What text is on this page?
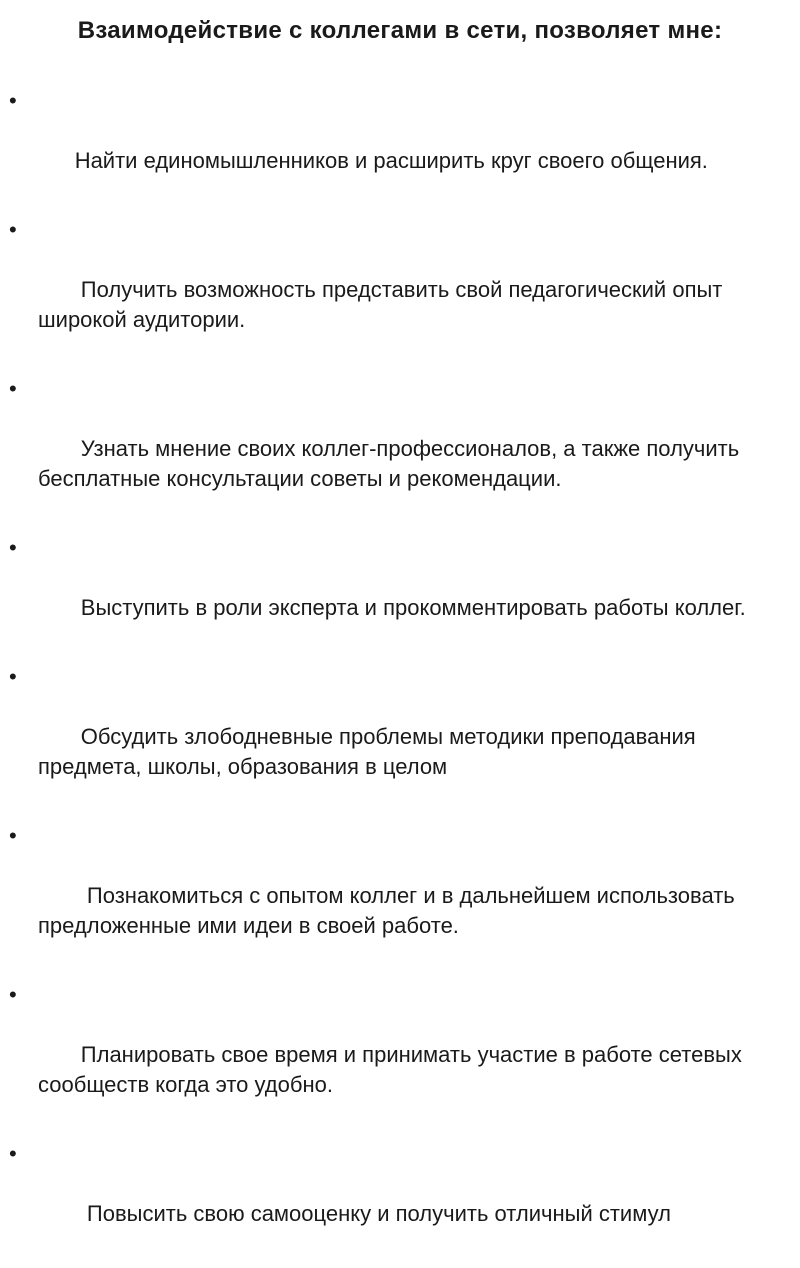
Взаимодействие с коллегами в сети, позволяет мне:

•

Найти единомышленников и расширить круг своего общения.

•

Получить возможность представить свой педагогический опыт широкой аудитории.

•

Узнать мнение своих коллег-профессионалов, а также получить бесплатные консультации советы и рекомендации.

•

Выступить в роли эксперта и прокомментировать работы коллег.

•

Обсудить злободневные проблемы методики преподавания предмета, школы, образования в целом

•

Познакомиться с опытом коллег и в дальнейшем использовать предложенные ими идеи в своей работе.

•

Планировать свое время и принимать участие в работе сетевых сообществ когда это удобно.

•

Повысить свою самооценку и получить отличный стимул
